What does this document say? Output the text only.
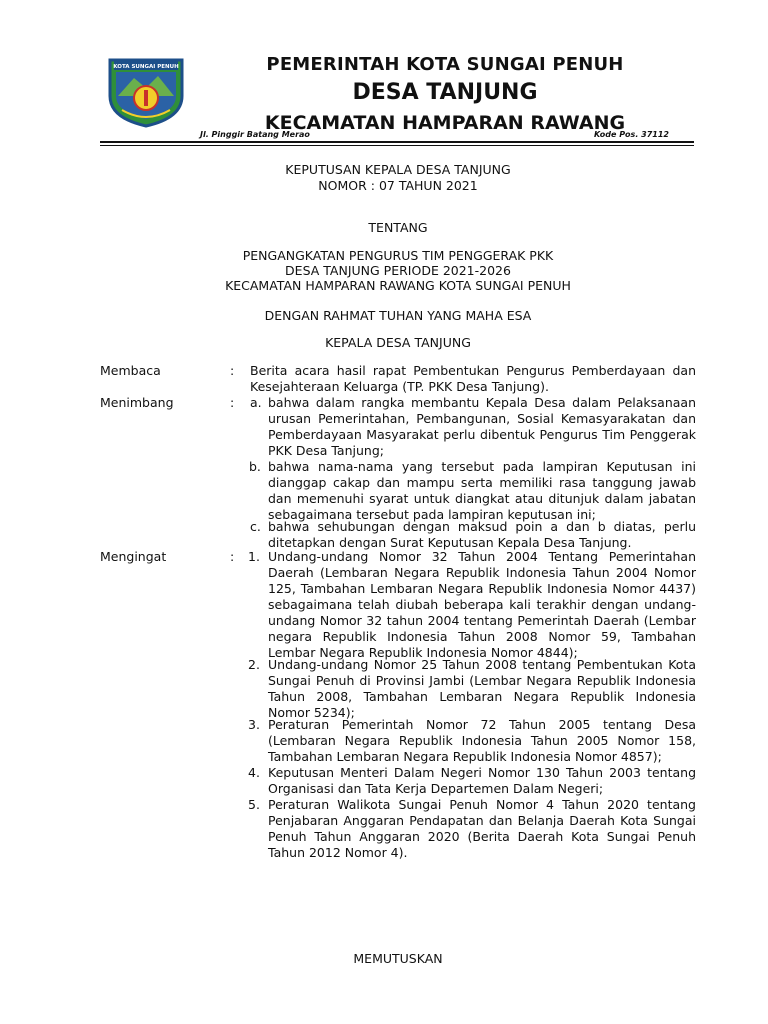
KOTA SUNGAI PENUH	PEMERINTAH KOTA SUNGAI PENUH

DESA TANJUNG

KECAMATAN HAMPARAN RAWANG

Jl. Pinggir Batang Merao	Kode Pos. 37112
KEPUTUSAN KEPALA DESA TANJUNG
NOMOR : 07 TAHUN 2021
TENTANG
PENGANGKATAN PENGURUS TIM PENGGERAK PKK
DESA TANJUNG PERIODE 2021-2026
KECAMATAN HAMPARAN RAWANG KOTA SUNGAI PENUH
DENGAN RAHMAT TUHAN YANG MAHA ESA
KEPALA DESA TANJUNG
Membaca	: Berita acara hasil rapat Pembentukan Pengurus Pemberdayaan dan Kesejahteraan Keluarga (TP. PKK Desa Tanjung).
Menimbang	: a. bahwa dalam rangka membantu Kepala Desa dalam Pelaksanaan urusan Pemerintahan, Pembangunan, Sosial Kemasyarakatan dan Pemberdayaan Masyarakat perlu dibentuk Pengurus Tim Penggerak PKK Desa Tanjung;
b. bahwa nama-nama yang tersebut pada lampiran Keputusan ini dianggap cakap dan mampu serta memiliki rasa tanggung jawab dan memenuhi syarat untuk diangkat atau ditunjuk dalam jabatan sebagaimana tersebut pada lampiran keputusan ini;
c. bahwa sehubungan dengan maksud poin a dan b diatas, perlu ditetapkan dengan Surat Keputusan Kepala Desa Tanjung.
Mengingat	: 1. Undang-undang Nomor 32 Tahun 2004 Tentang Pemerintahan Daerah (Lembaran Negara Republik Indonesia Tahun 2004 Nomor 125, Tambahan Lembaran Negara Republik Indonesia Nomor 4437) sebagaimana telah diubah beberapa kali terakhir dengan undang-undang Nomor 32 tahun 2004 tentang Pemerintah Daerah (Lembar negara Republik Indonesia Tahun 2008 Nomor 59, Tambahan Lembar Negara Republik Indonesia Nomor 4844);
2. Undang-undang Nomor 25 Tahun 2008 tentang Pembentukan Kota Sungai Penuh di Provinsi Jambi (Lembar Negara Republik Indonesia Tahun 2008, Tambahan Lembaran Negara Republik Indonesia Nomor 5234);
3. Peraturan Pemerintah Nomor 72 Tahun 2005 tentang Desa (Lembaran Negara Republik Indonesia Tahun 2005 Nomor 158, Tambahan Lembaran Negara Republik Indonesia Nomor 4857);
4. Keputusan Menteri Dalam Negeri Nomor 130 Tahun 2003 tentang Organisasi dan Tata Kerja Departemen Dalam Negeri;
5. Peraturan Walikota Sungai Penuh Nomor 4 Tahun 2020 tentang Penjabaran Anggaran Pendapatan dan Belanja Daerah Kota Sungai Penuh Tahun Anggaran 2020 (Berita Daerah Kota Sungai Penuh Tahun 2012 Nomor 4).
MEMUTUSKAN
